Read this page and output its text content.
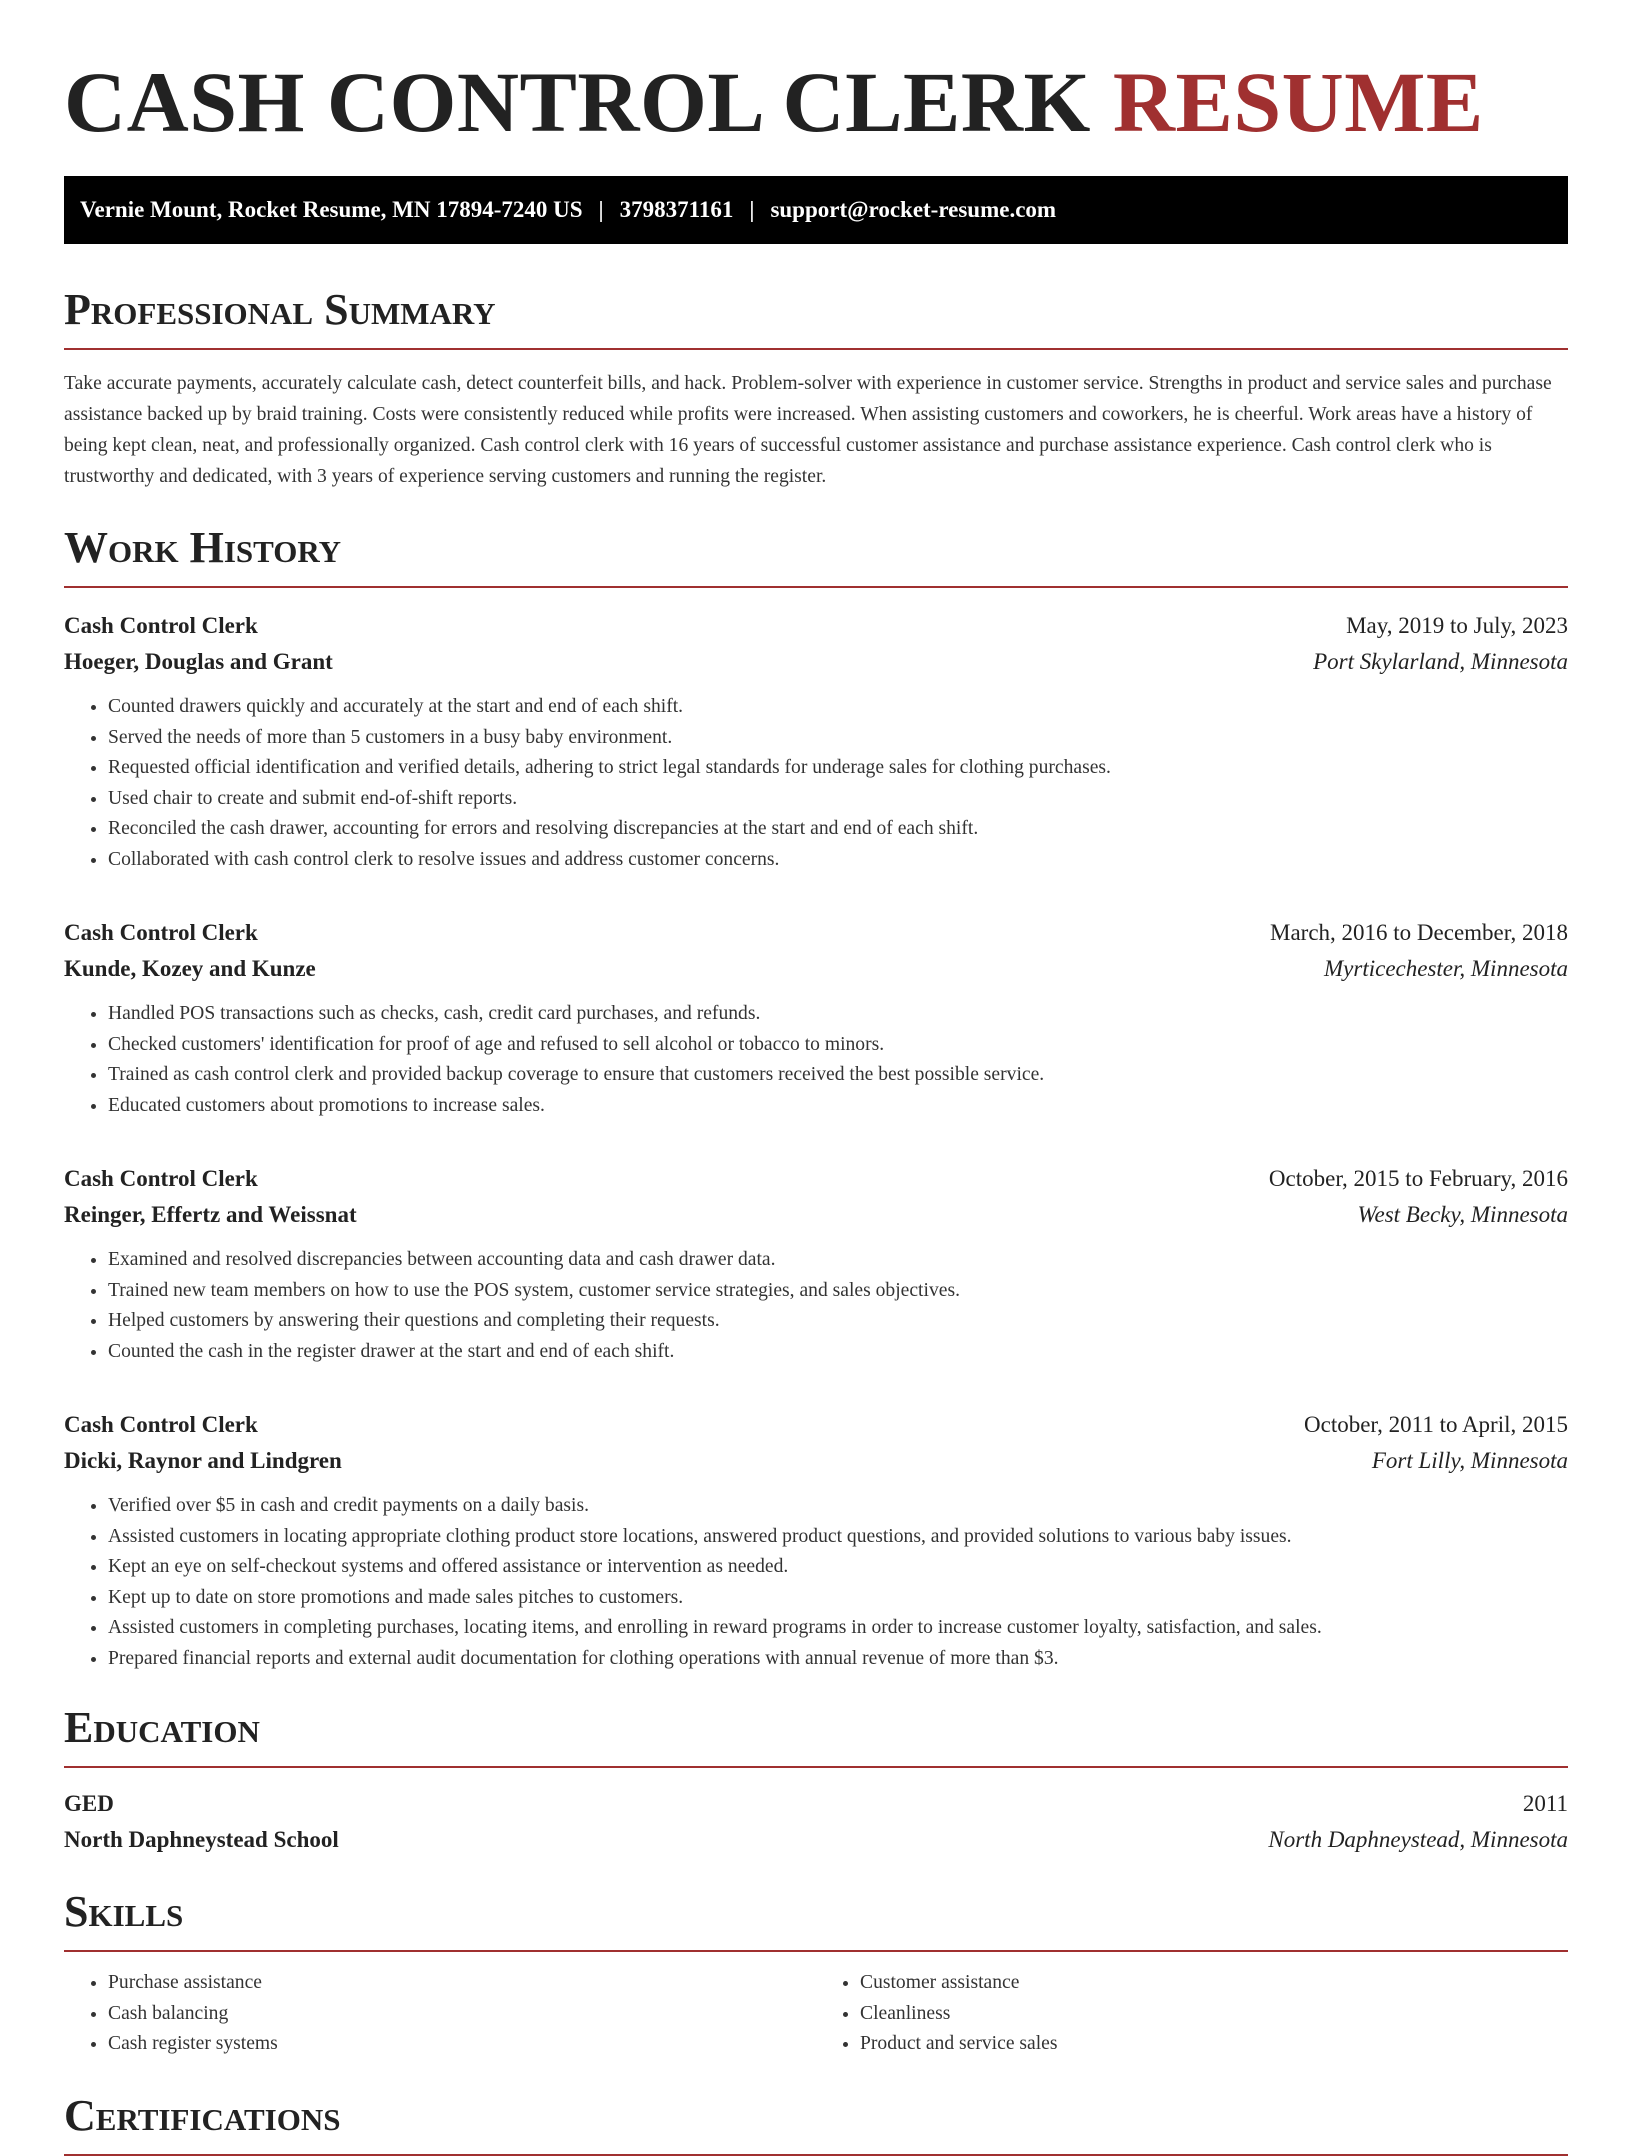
CASH CONTROL CLERK RESUME
Vernie Mount, Rocket Resume, MN 17894-7240 US | 3798371161 | support@rocket-resume.com
Professional Summary

Take accurate payments, accurately calculate cash, detect counterfeit bills, and hack. Problem-solver with experience in customer service. Strengths in product and service sales and purchase assistance backed up by braid training. Costs were consistently reduced while profits were increased. When assisting customers and coworkers, he is cheerful. Work areas have a history of being kept clean, neat, and professionally organized. Cash control clerk with 16 years of successful customer assistance and purchase assistance experience. Cash control clerk who is trustworthy and dedicated, with 3 years of experience serving customers and running the register.

Work History
Cash Control Clerk	May, 2019 to July, 2023
Hoeger, Douglas and Grant	Port Skylarland, Minnesota
• Counted drawers quickly and accurately at the start and end of each shift.
• Served the needs of more than 5 customers in a busy baby environment.
• Requested official identification and verified details, adhering to strict legal standards for underage sales for clothing purchases.
• Used chair to create and submit end-of-shift reports.
• Reconciled the cash drawer, accounting for errors and resolving discrepancies at the start and end of each shift.
• Collaborated with cash control clerk to resolve issues and address customer concerns.
Cash Control Clerk	March, 2016 to December, 2018
Kunde, Kozey and Kunze	Myrticechester, Minnesota
• Handled POS transactions such as checks, cash, credit card purchases, and refunds.
• Checked customers' identification for proof of age and refused to sell alcohol or tobacco to minors.
• Trained as cash control clerk and provided backup coverage to ensure that customers received the best possible service.
• Educated customers about promotions to increase sales.
Cash Control Clerk	October, 2015 to February, 2016
Reinger, Effertz and Weissnat	West Becky, Minnesota
• Examined and resolved discrepancies between accounting data and cash drawer data.
• Trained new team members on how to use the POS system, customer service strategies, and sales objectives.
• Helped customers by answering their questions and completing their requests.
• Counted the cash in the register drawer at the start and end of each shift.
Cash Control Clerk	October, 2011 to April, 2015
Dicki, Raynor and Lindgren	Fort Lilly, Minnesota
• Verified over $5 in cash and credit payments on a daily basis.
• Assisted customers in locating appropriate clothing product store locations, answered product questions, and provided solutions to various baby issues.
• Kept an eye on self-checkout systems and offered assistance or intervention as needed.
• Kept up to date on store promotions and made sales pitches to customers.
• Assisted customers in completing purchases, locating items, and enrolling in reward programs in order to increase customer loyalty, satisfaction, and sales.
• Prepared financial reports and external audit documentation for clothing operations with annual revenue of more than $3.
Education
GED	2011
North Daphneystead School	North Daphneystead, Minnesota
Skills
• Purchase assistance
• Cash balancing
• Cash register systems
• Customer assistance
• Cleanliness
• Product and service sales
Certifications
